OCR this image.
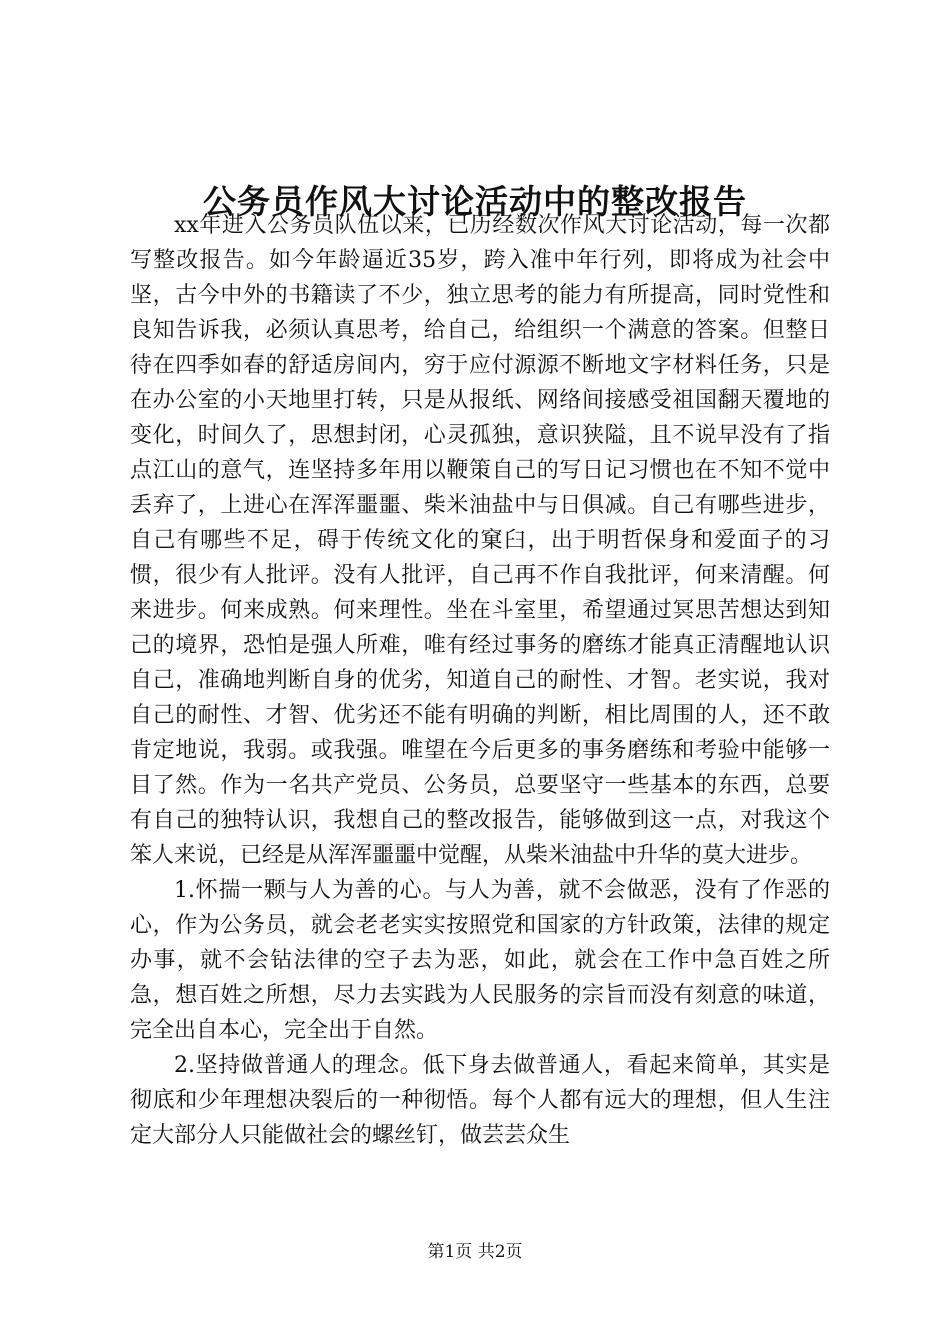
公务员作风大讨论活动中的整改报告

xx年进入公务员队伍以来，已历经数次作风大讨论活动，每一次都写整改报告。如今年龄逼近35岁，跨入准中年行列，即将成为社会中坚，古今中外的书籍读了不少，独立思考的能力有所提高，同时党性和良知告诉我，必须认真思考，给自己，给组织一个满意的答案。但整日待在四季如春的舒适房间内，穷于应付源源不断地文字材料任务，只是在办公室的小天地里打转，只是从报纸、网络间接感受祖国翻天覆地的变化，时间久了，思想封闭，心灵孤独，意识狭隘，且不说早没有了指点江山的意气，连坚持多年用以鞭策自己的写日记习惯也在不知不觉中丢弃了，上进心在浑浑噩噩、柴米油盐中与日俱减。自己有哪些进步，自己有哪些不足，碍于传统文化的窠臼，出于明哲保身和爱面子的习惯，很少有人批评。没有人批评，自己再不作自我批评，何来清醒。何来进步。何来成熟。何来理性。坐在斗室里，希望通过冥思苦想达到知己的境界，恐怕是强人所难，唯有经过事务的磨练才能真正清醒地认识自己，准确地判断自身的优劣，知道自己的耐性、才智。老实说，我对自己的耐性、才智、优劣还不能有明确的判断，相比周围的人，还不敢肯定地说，我弱。或我强。唯望在今后更多的事务磨练和考验中能够一目了然。作为一名共产党员、公务员，总要坚守一些基本的东西，总要有自己的独特认识，我想自己的整改报告，能够做到这一点，对我这个笨人来说，已经是从浑浑噩噩中觉醒，从柴米油盐中升华的莫大进步。

1.怀揣一颗与人为善的心。与人为善，就不会做恶，没有了作恶的心，作为公务员，就会老老实实按照党和国家的方针政策，法律的规定办事，就不会钻法律的空子去为恶，如此，就会在工作中急百姓之所急，想百姓之所想，尽力去实践为人民服务的宗旨而没有刻意的味道，完全出自本心，完全出于自然。

2.坚持做普通人的理念。低下身去做普通人，看起来简单，其实是彻底和少年理想决裂后的一种彻悟。每个人都有远大的理想，但人生注定大部分人只能做社会的螺丝钉，做芸芸众生

第1页 共2页
